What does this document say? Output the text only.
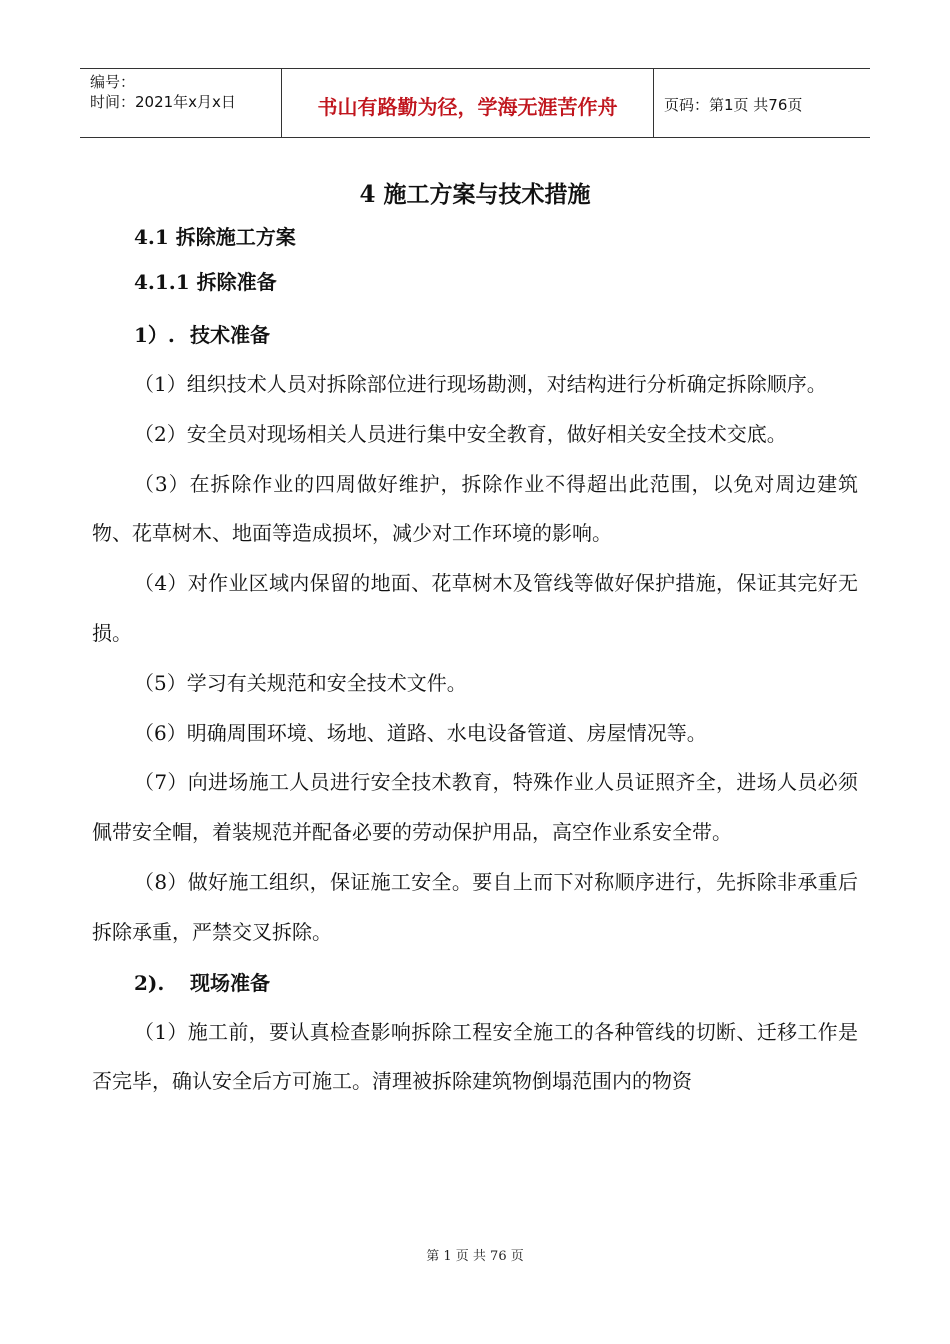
编号：
时间：2021年x月x日	书山有路勤为径，学海无涯苦作舟	页码：第1页 共76页
4 施工方案与技术措施
4.1 拆除施工方案
4.1.1 拆除准备
1）. 技术准备

（1）组织技术人员对拆除部位进行现场勘测，对结构进行分析确定拆除顺序。

（2）安全员对现场相关人员进行集中安全教育，做好相关安全技术交底。

（3）在拆除作业的四周做好维护，拆除作业不得超出此范围，以免对周边建筑物、花草树木、地面等造成损坏，减少对工作环境的影响。

（4）对作业区域内保留的地面、花草树木及管线等做好保护措施，保证其完好无损。

（5）学习有关规范和安全技术文件。

（6）明确周围环境、场地、道路、水电设备管道、房屋情况等。

（7）向进场施工人员进行安全技术教育，特殊作业人员证照齐全，进场人员必须佩带安全帽，着装规范并配备必要的劳动保护用品，高空作业系安全带。

（8）做好施工组织，保证施工安全。要自上而下对称顺序进行，先拆除非承重后拆除承重，严禁交叉拆除。

2). 现场准备

（1）施工前，要认真检查影响拆除工程安全施工的各种管线的切断、迁移工作是否完毕，确认安全后方可施工。清理被拆除建筑物倒塌范围内的物资

第 1 页 共 76 页
